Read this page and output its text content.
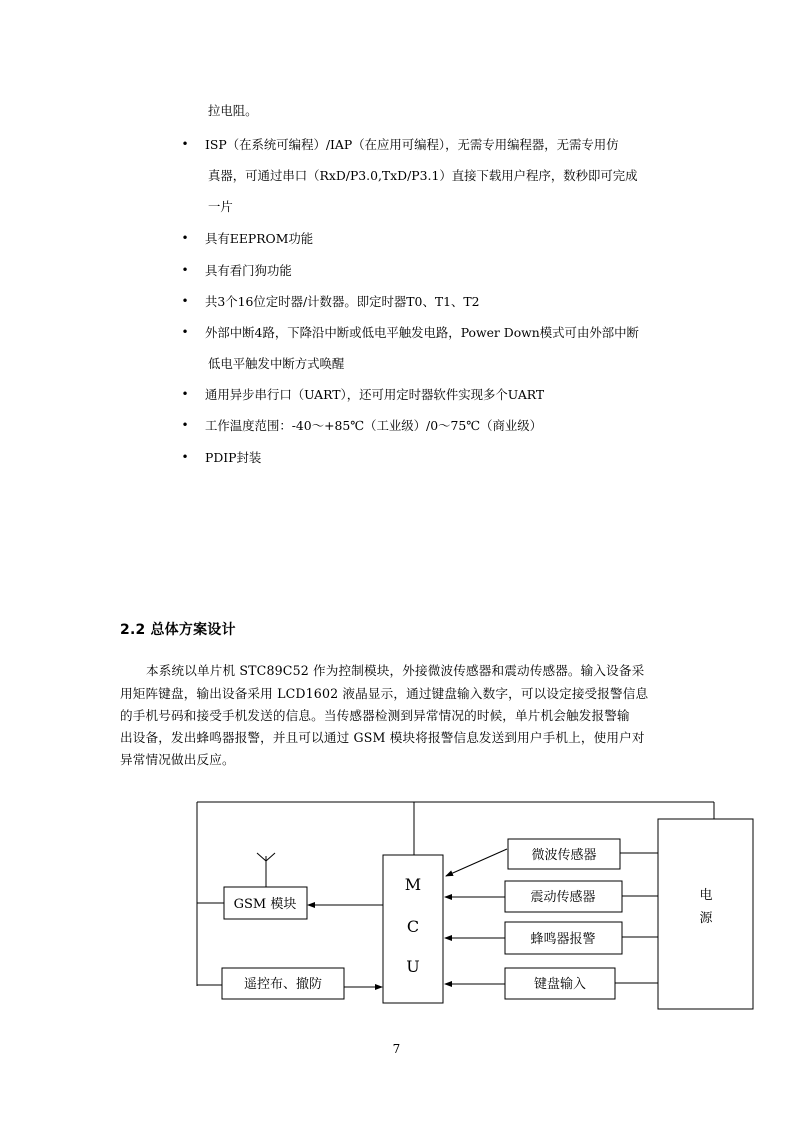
拉电阻。
• ISP（在系统可编程）/IAP（在应用可编程），无需专用编程器，无需专用仿
真器，可通过串口（RxD/P3.0,TxD/P3.1）直接下载用户程序，数秒即可完成
一片
• 具有EEPROM功能
• 具有看门狗功能
• 共3个16位定时器/计数器。即定时器T0、T1、T2
• 外部中断4路，下降沿中断或低电平触发电路，Power Down模式可由外部中断
低电平触发中断方式唤醒
• 通用异步串行口（UART），还可用定时器软件实现多个UART
• 工作温度范围：-40～+85℃（工业级）/0～75℃（商业级）
• PDIP封装
2.2 总体方案设计
本系统以单片机 STC89C52 作为控制模块，外接微波传感器和震动传感器。输入设备采
用矩阵键盘，输出设备采用 LCD1602 液晶显示，通过键盘输入数字，可以设定接受报警信息
的手机号码和接受手机发送的信息。当传感器检测到异常情况的时候，单片机会触发报警输
出设备，发出蜂鸣器报警，并且可以通过 GSM 模块将报警信息发送到用户手机上，使用户对
异常情况做出反应。
M
C
U
GSM 模块
遥控布、撤防
微波传感器
震动传感器
蜂鸣器报警
键盘输入
电
源
7
